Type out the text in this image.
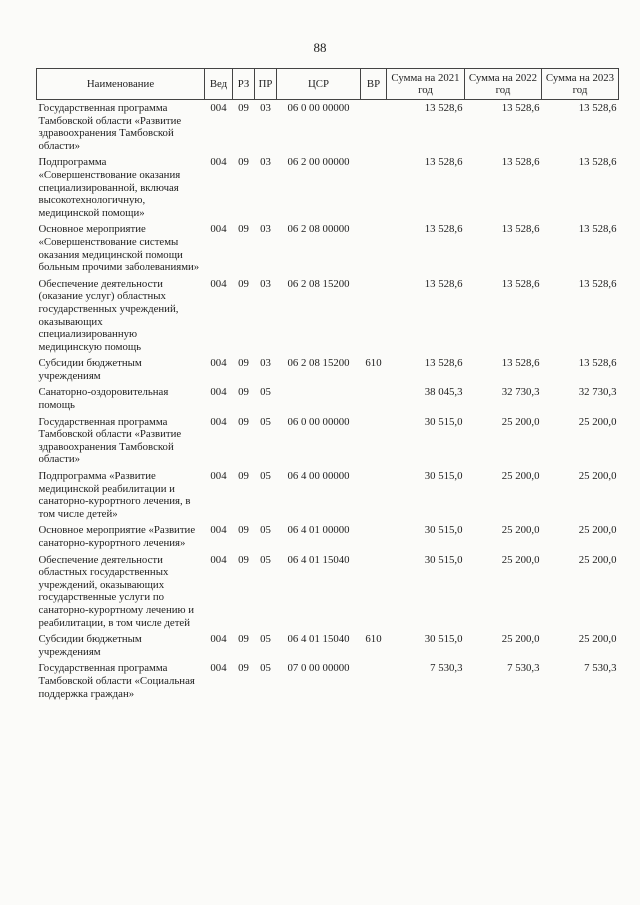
88
Наименование	Вед	РЗ	ПР	ЦСР	ВР	Сумма на 2021 год	Сумма на 2022 год	Сумма на 2023 год
Государственная программа Тамбовской области «Развитие здравоохранения Тамбовской области»	004	09	03	06 0 00 00000		13 528,6	13 528,6	13 528,6
Подпрограмма «Совершенствование оказания специализированной, включая высокотехнологичную, медицинской помощи»	004	09	03	06 2 00 00000		13 528,6	13 528,6	13 528,6
Основное мероприятие «Совершенствование системы оказания медицинской помощи больным прочими заболеваниями»	004	09	03	06 2 08 00000		13 528,6	13 528,6	13 528,6
Обеспечение деятельности (оказание услуг) областных государственных учреждений, оказывающих специализированную медицинскую помощь	004	09	03	06 2 08 15200		13 528,6	13 528,6	13 528,6
Субсидии бюджетным учреждениям	004	09	03	06 2 08 15200	610	13 528,6	13 528,6	13 528,6
Санаторно-оздоровительная помощь	004	09	05			38 045,3	32 730,3	32 730,3
Государственная программа Тамбовской области «Развитие здравоохранения Тамбовской области»	004	09	05	06 0 00 00000		30 515,0	25 200,0	25 200,0
Подпрограмма «Развитие медицинской реабилитации и санаторно-курортного лечения, в том числе детей»	004	09	05	06 4 00 00000		30 515,0	25 200,0	25 200,0
Основное мероприятие «Развитие санаторно-курортного лечения»	004	09	05	06 4 01 00000		30 515,0	25 200,0	25 200,0
Обеспечение деятельности областных государственных учреждений, оказывающих государственные услуги по санаторно-курортному лечению и реабилитации, в том числе детей	004	09	05	06 4 01 15040		30 515,0	25 200,0	25 200,0
Субсидии бюджетным учреждениям	004	09	05	06 4 01 15040	610	30 515,0	25 200,0	25 200,0
Государственная программа Тамбовской области «Социальная поддержка граждан»	004	09	05	07 0 00 00000		7 530,3	7 530,3	7 530,3
